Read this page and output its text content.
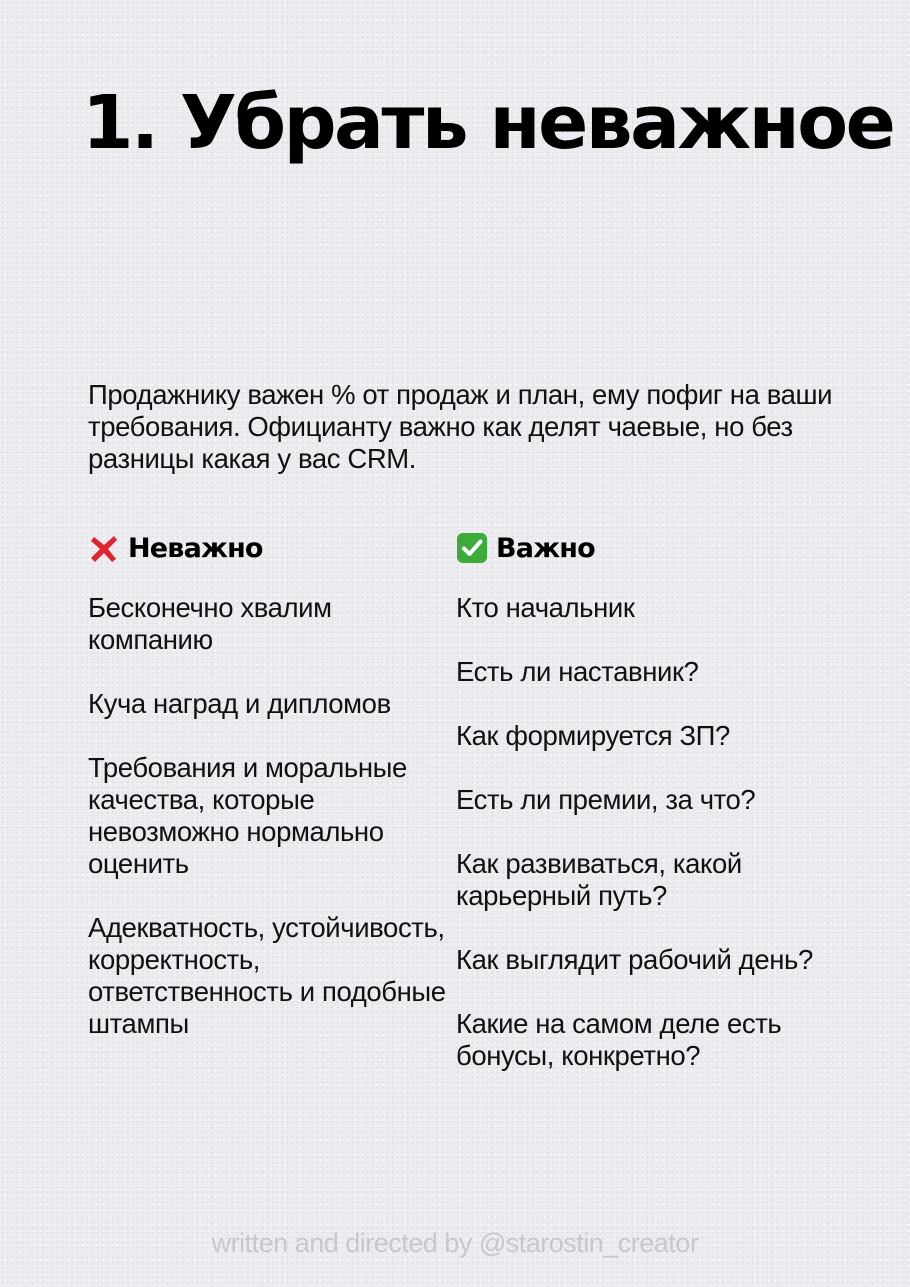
1. Убрать неважное

Продажнику важен % от продаж и план, ему пофиг на ваши требования. Официанту важно как делят чаевые, но без разницы какая у вас CRM.

Неважно
Бесконечно хвалим компанию
Куча наград и дипломов
Требования и моральные качества, которые невозможно нормально оценить
Адекватность, устойчивость, корректность, ответственность и подобные штампы
Важно
Кто начальник
Есть ли наставник?
Как формируется ЗП?
Есть ли премии, за что?
Как развиваться, какой карьерный путь?
Как выглядит рабочий день?
Какие на самом деле есть бонусы, конкретно?

written and directed by @starostin_creator
